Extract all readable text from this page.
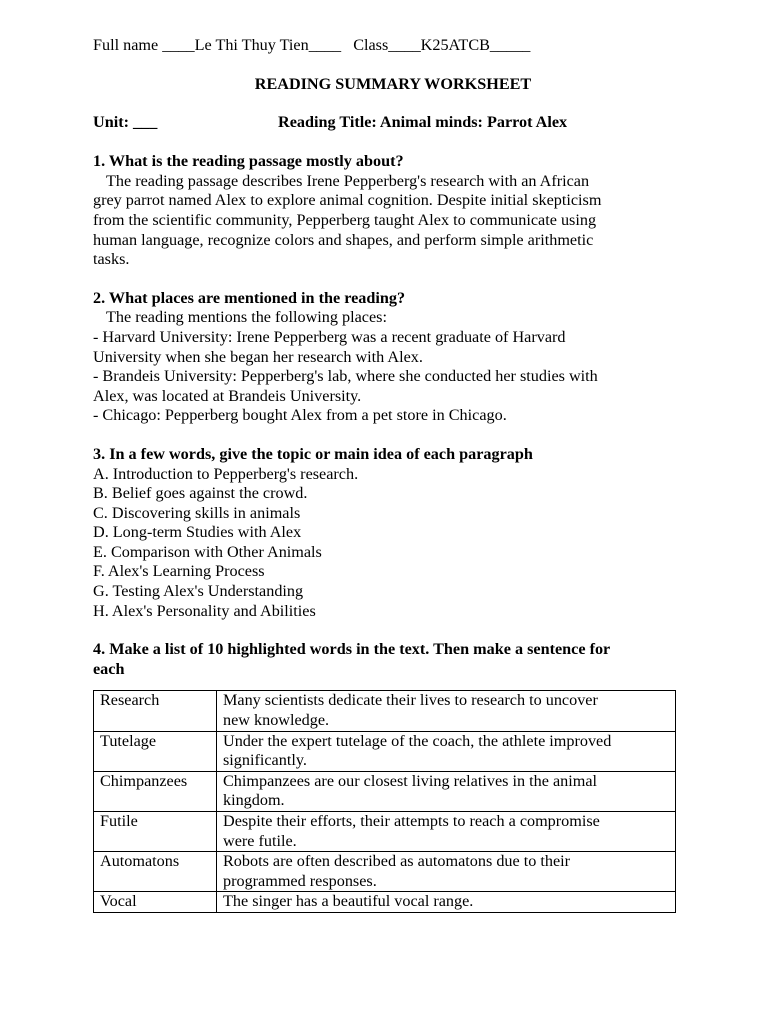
Full name ____Le Thi Thuy Tien____   Class____K25ATCB_____
READING SUMMARY WORKSHEET
Unit: ___	Reading Title: Animal minds: Parrot Alex
1. What is the reading passage mostly about?
The reading passage describes Irene Pepperberg's research with an African
grey parrot named Alex to explore animal cognition. Despite initial skepticism
from the scientific community, Pepperberg taught Alex to communicate using
human language, recognize colors and shapes, and perform simple arithmetic
tasks.
2. What places are mentioned in the reading?
The reading mentions the following places:
- Harvard University: Irene Pepperberg was a recent graduate of Harvard
University when she began her research with Alex.
- Brandeis University: Pepperberg's lab, where she conducted her studies with
Alex, was located at Brandeis University.
- Chicago: Pepperberg bought Alex from a pet store in Chicago.
3. In a few words, give the topic or main idea of each paragraph
A. Introduction to Pepperberg's research.
B. Belief goes against the crowd.
C. Discovering skills in animals
D. Long-term Studies with Alex
E. Comparison with Other Animals
F. Alex's Learning Process
G. Testing Alex's Understanding
H. Alex's Personality and Abilities
4. Make a list of 10 highlighted words in the text. Then make a sentence for
each
Research	Many scientists dedicate their lives to research to uncover
new knowledge.

Tutelage	Under the expert tutelage of the coach, the athlete improved
significantly.

Chimpanzees	Chimpanzees are our closest living relatives in the animal
kingdom.

Futile	Despite their efforts, their attempts to reach a compromise
were futile.

Automatons	Robots are often described as automatons due to their
programmed responses.

Vocal	The singer has a beautiful vocal range.
